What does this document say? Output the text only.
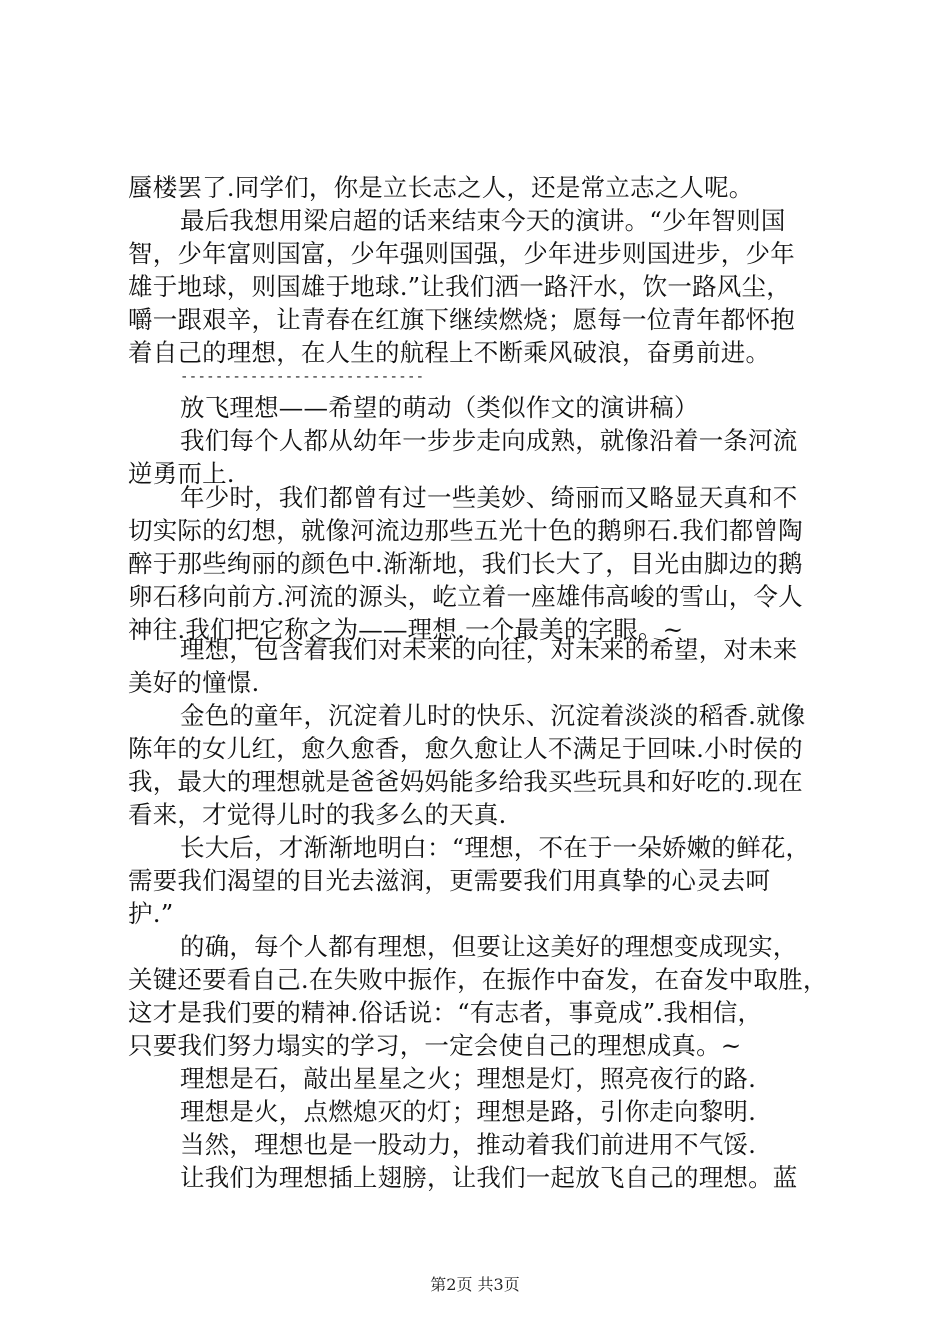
蜃楼罢了.同学们，你是立长志之人，还是常立志之人呢。
最后我想用梁启超的话来结束今天的演讲。“少年智则国
智，少年富则国富，少年强则国强，少年进步则国进步，少年
雄于地球，则国雄于地球.”让我们洒一路汗水，饮一路风尘，
嚼一跟艰辛，让青春在红旗下继续燃烧；愿每一位青年都怀抱
着自己的理想，在人生的航程上不断乘风破浪，奋勇前进。
----------------------------
放飞理想——希望的萌动（类似作文的演讲稿）
我们每个人都从幼年一步步走向成熟，就像沿着一条河流
逆勇而上.
年少时，我们都曾有过一些美妙、绮丽而又略显天真和不
切实际的幻想，就像河流边那些五光十色的鹅卵石.我们都曾陶
醉于那些绚丽的颜色中.渐渐地，我们长大了，目光由脚边的鹅
卵石移向前方.河流的源头，屹立着一座雄伟高峻的雪山，令人
神往.我们把它称之为——理想.一个最美的字眼。~
理想，包含着我们对未来的向往，对未来的希望，对未来
美好的憧憬.
金色的童年，沉淀着儿时的快乐、沉淀着淡淡的稻香.就像
陈年的女儿红，愈久愈香，愈久愈让人不满足于回味.小时侯的
我，最大的理想就是爸爸妈妈能多给我买些玩具和好吃的.现在
看来，才觉得儿时的我多么的天真.
长大后，才渐渐地明白：“理想，不在于一朵娇嫩的鲜花，
需要我们渴望的目光去滋润，更需要我们用真挚的心灵去呵
护.”
的确，每个人都有理想，但要让这美好的理想变成现实，
关键还要看自己.在失败中振作，在振作中奋发，在奋发中取胜，
这才是我们要的精神.俗话说：“有志者，事竟成”.我相信，
只要我们努力塌实的学习，一定会使自己的理想成真。~
理想是石，敲出星星之火；理想是灯，照亮夜行的路.
理想是火，点燃熄灭的灯；理想是路，引你走向黎明.
当然，理想也是一股动力，推动着我们前进用不气馁.
让我们为理想插上翅膀，让我们一起放飞自己的理想。蓝
第2页 共3页
